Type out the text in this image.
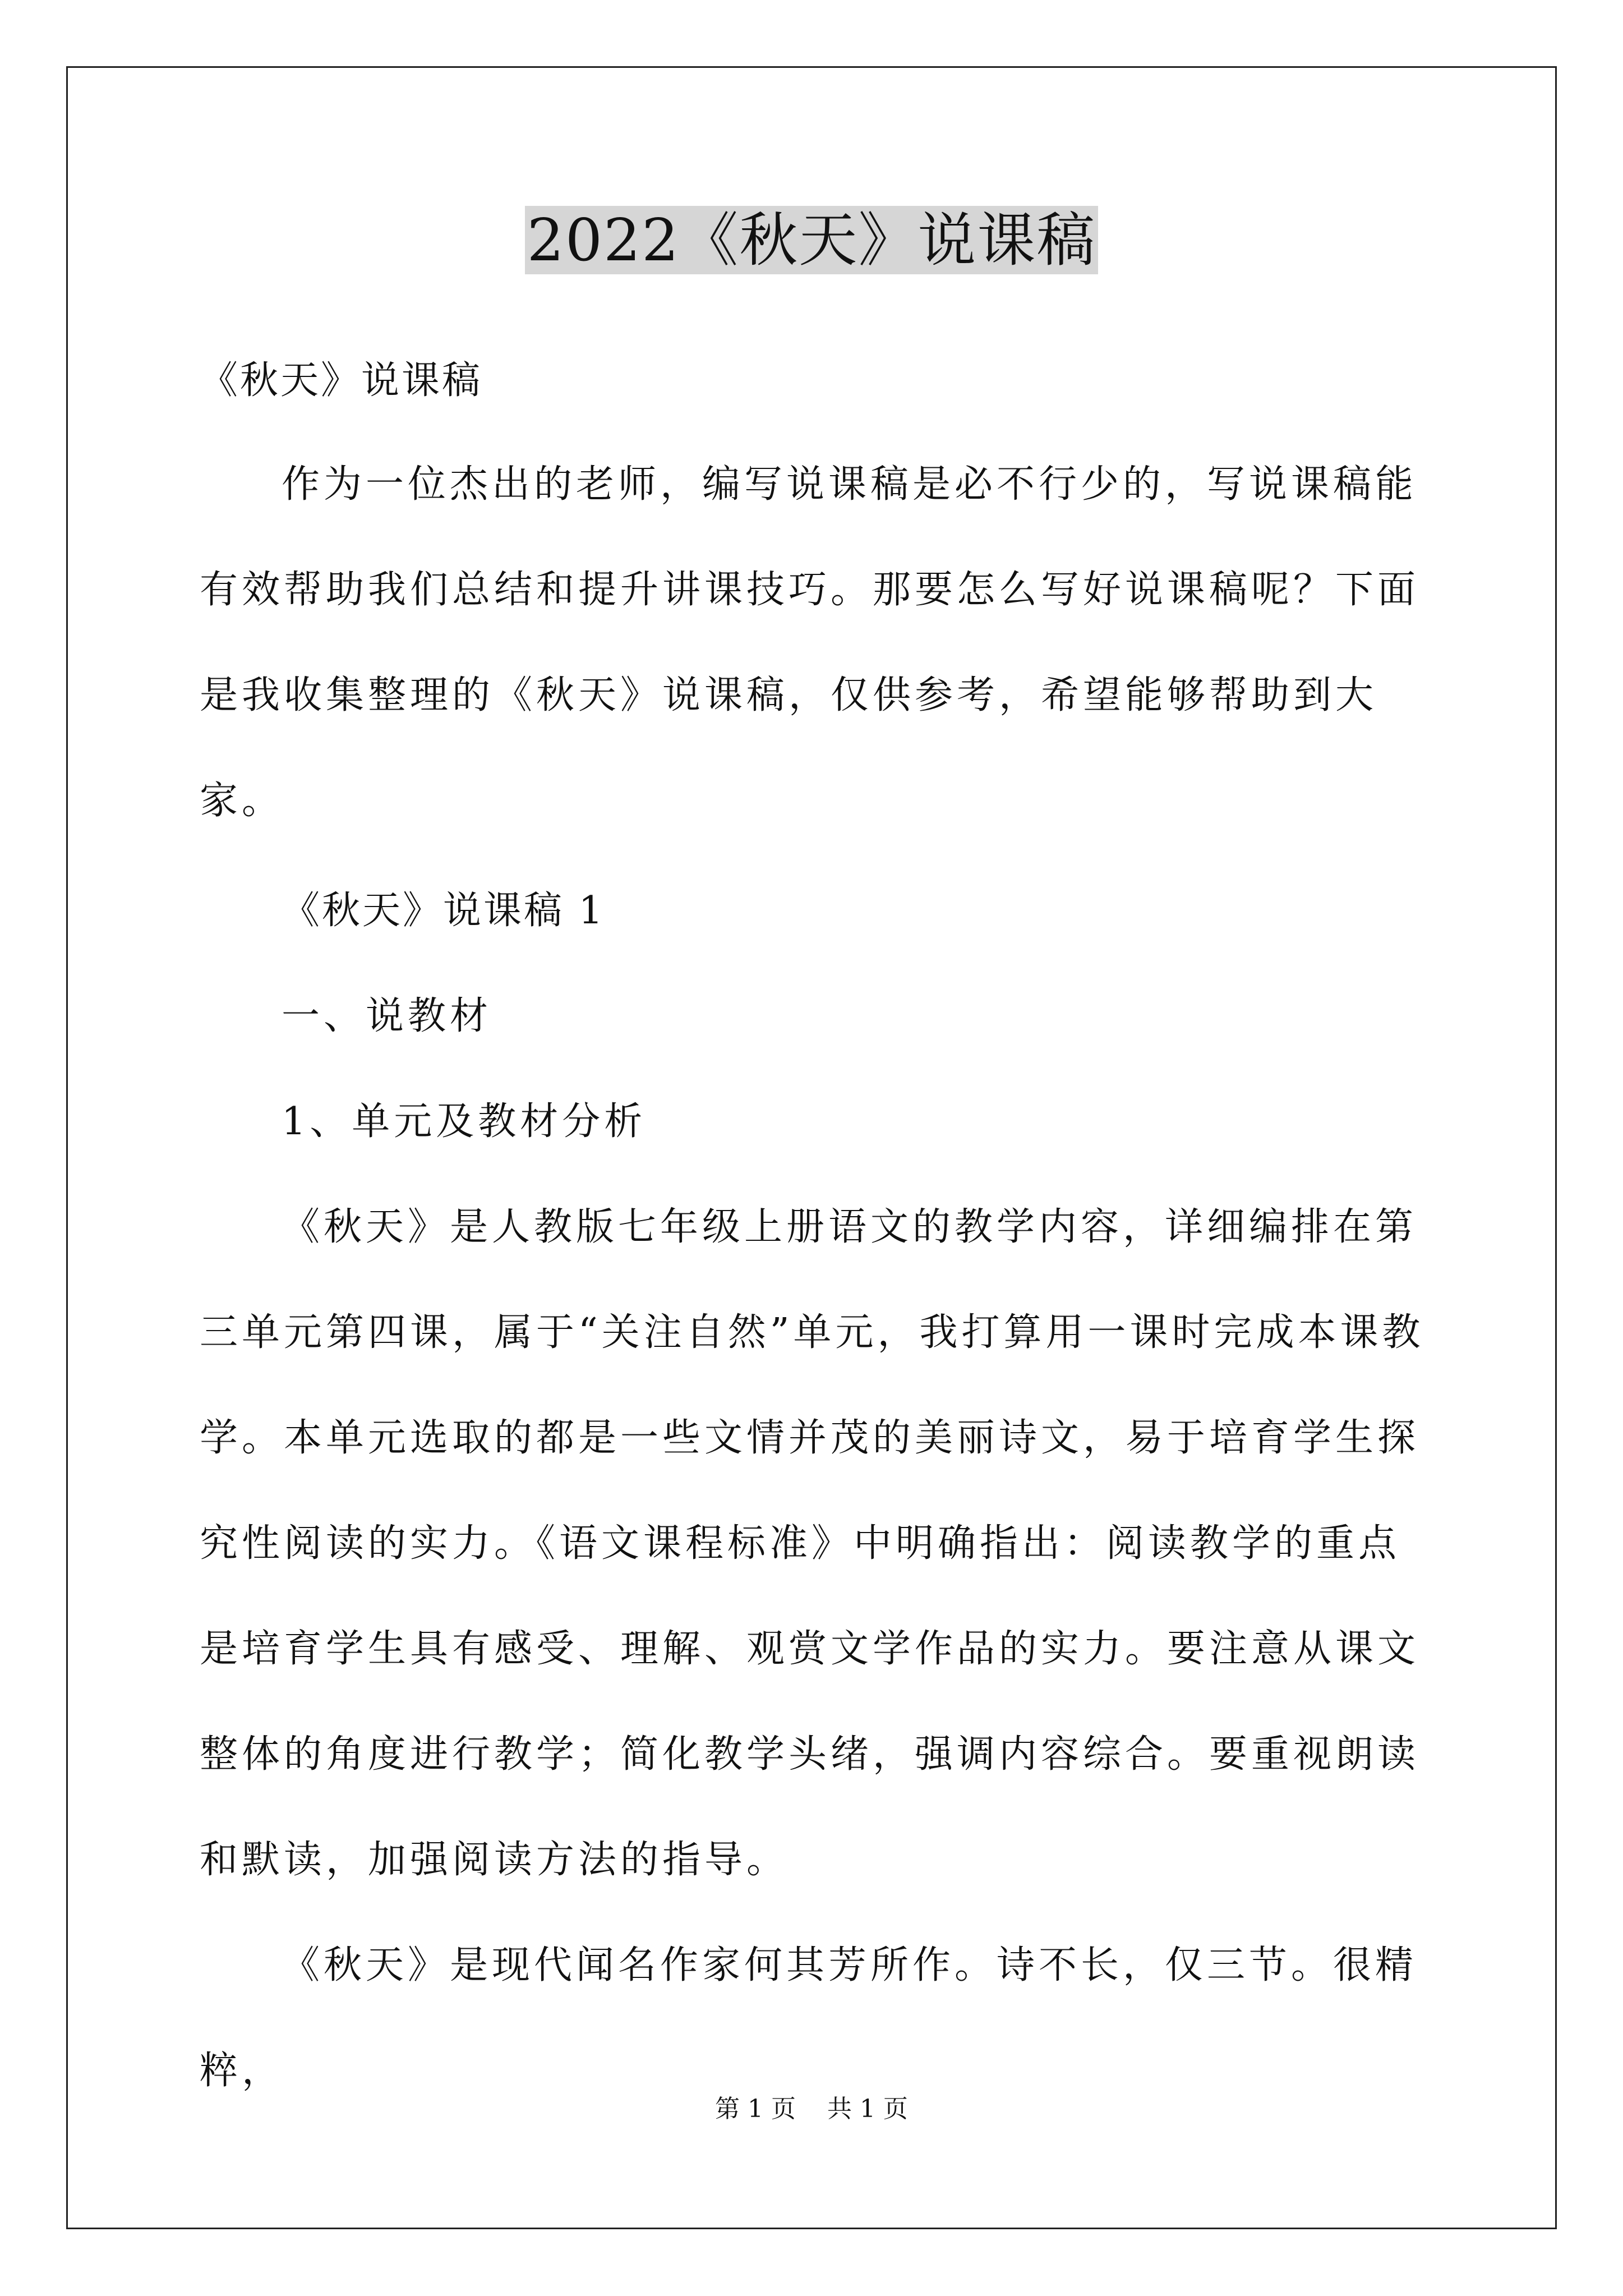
2022《秋天》说课稿

《秋天》说课稿

作为一位杰出的老师，编写说课稿是必不行少的，写说课稿能有效帮助我们总结和提升讲课技巧。那要怎么写好说课稿呢？下面是我收集整理的《秋天》说课稿，仅供参考，希望能够帮助到大家。

《秋天》说课稿 1

一、说教材

1、单元及教材分析

《秋天》是人教版七年级上册语文的教学内容，详细编排在第三单元第四课，属于“关注自然”单元，我打算用一课时完成本课教学。本单元选取的都是一些文情并茂的美丽诗文，易于培育学生探究性阅读的实力。《语文课程标准》中明确指出：阅读教学的重点是培育学生具有感受、理解、观赏文学作品的实力。要注意从课文整体的角度进行教学；简化教学头绪，强调内容综合。要重视朗读和默读，加强阅读方法的指导。

《秋天》是现代闻名作家何其芳所作。诗不长，仅三节。很精粹，

第 1 页    共 1 页
